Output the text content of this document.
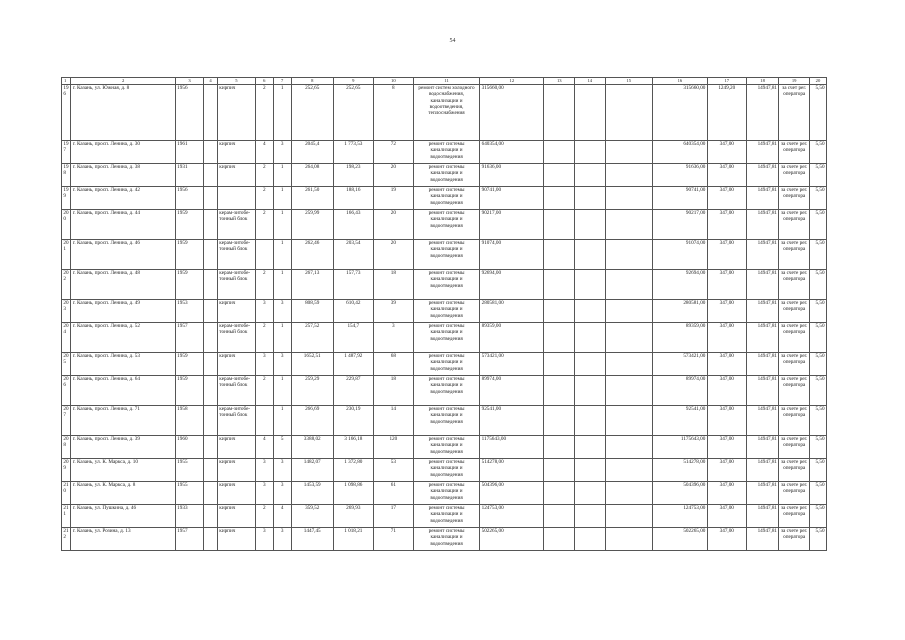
54
1	2	3	4	5	6	7	8	9	10	11	12	13	14	15	16	17	18	19	20
196	г. Казань, ул. Южная, д. 8	1956		кирпич	2	1	252,65	252,65	8	ремонт систем холодного водоснабжения, канализации и водоотведения, теплоснабжения	315660,00				315660,00	1249,20	14947,81	за счет рег. оператора	5,50
197	г. Казань, просп. Ленина, д. 30	1961		кирпич	4	3	2045,4	1 773,53	72	ремонт системы канализации и водоотведения	640354,00				640354,00	347,00	14947,81	за счете рег. оператора	5,50
198	г. Казань, просп. Ленина, д. 38	1931		кирпич	2	1	264,08	198,23	20	ремонт системы канализации и водоотведения	91636,00				91636,00	347,00	14947,81	за счете рег. оператора	5,50
199	г. Казань, просп. Ленина, д. 42	1956			2	1	261,50	188,16	19	ремонт системы канализации и водоотведения	90741,00				90741,00	347,00	14947,81	за счете рег. оператора	5,50
200	г. Казань, просп. Ленина, д. 44	1959		керам-зитобе-тонный блок	2	1	259,99	166,43	20	ремонт системы канализации и водоотведения	90217,00				90217,00	347,00	14947,81	за счете рег. оператора	5,50
201	г. Казань, просп. Ленина, д. 46	1959		керам-зитобе-тонный блок		1	262,46	203,54	20	ремонт системы канализации и водоотведения	91074,00				91074,00	347,00	14947,81	за счете рег. оператора	5,50
202	г. Казань, просп. Ленина, д. 48	1959		керам-зитобе-тонный блок	2	1	267,13	157,73	18	ремонт системы канализации и водоотведения	92694,00				92694,00	347,00	14947,81	за счете рег. оператора	5,50
203	г. Казань, просп. Ленина, д. 49	1953		кирпич	3	3	808,59	610,42	39	ремонт системы канализации и водоотведения	280581,00				280581,00	347,00	14947,81	за счете рег. оператора	5,50
204	г. Казань, просп. Ленина, д. 52	1957		керам-зитобе-тонный блок	2	1	257,52	154,7	3	ремонт системы канализации и водоотведения	89359,00				89359,00	347,00	14947,81	за счете рег. оператора	5,50
205	г. Казань, просп. Ленина, д. 53	1959		кирпич	3	3	1652,51	1 487,92	68	ремонт системы канализации и водоотведения	573421,00				573421,00	347,00	14947,81	за счете рег. оператора	5,50
206	г. Казань, просп. Ленина, д. 64	1959		керам-зитобе-тонный блок	2	1	259,29	229,87	18	ремонт системы канализации и водоотведения	89974,00				89974,00	347,00	14947,81	за счете рег. оператора	5,50
207	г. Казань, просп. Ленина, д. 71	1958		керам-зитобе-тонный блок		1	266,69	230,19	14	ремонт системы канализации и водоотведения	92541,00				92541,00	347,00	14947,81	за счете рег. оператора	5,50
208	г. Казань, просп. Ленина, д. 39	1960		кирпич	4	5	3388,02	3 166,18	120	ремонт системы канализации и водоотведения	1175643,00				1175643,00	347,00	14947,81	за счете рег. оператора	5,50
209	г. Казань, ул. К. Маркса, д. 10	1955		кирпич	3	3	1482,07	1 372,80	53	ремонт системы канализации и водоотведения	514278,00				514278,00	347,00	14947,81	за счете рег. оператора	5,50
210	г. Казань, ул. К. Маркса, д. 8	1955		кирпич	3	3	1453,59	1 098,86	61	ремонт системы канализации и водоотведения	504396,00				504396,00	347,00	14947,81	за счете рег. оператора	5,50
211	г. Казань, ул. Пушкина, д. 46	1933		кирпич	2	4	359,52	269,93	17	ремонт системы канализации и водоотведения	124753,00				124753,00	347,00	14947,81	за счете рег. оператора	5,50
212	г. Казань, ул. Розина, д. 13	1957		кирпич	3	3	1447,45	1 018,21	71	ремонт системы канализации и водоотведения	502265,00				502265,00	347,00	14947,81	за счете рег. оператора	5,50
